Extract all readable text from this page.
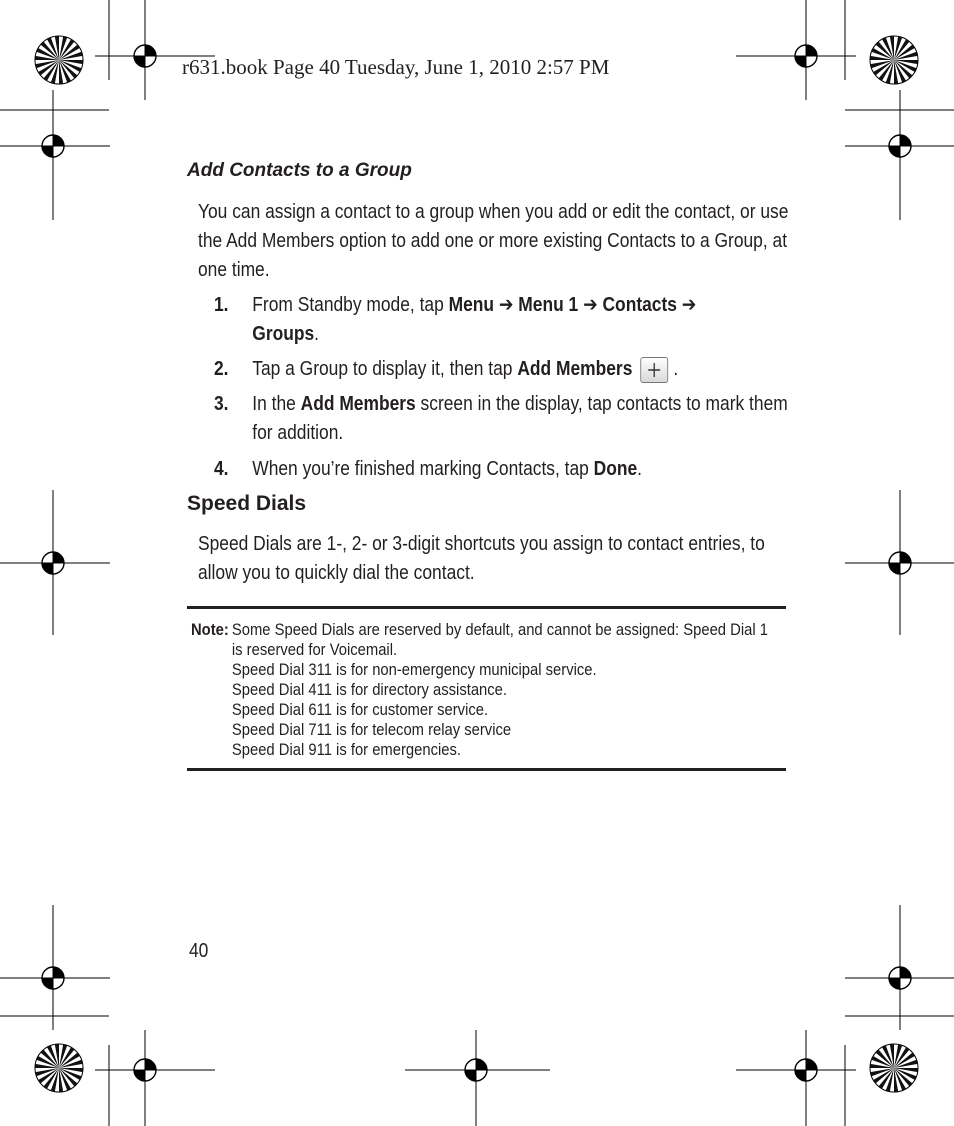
r631.book Page 40 Tuesday, June 1, 2010 2:57 PM
Add Contacts to a Group
You can assign a contact to a group when you add or edit the contact, or use the Add Members option to add one or more existing Contacts to a Group, at one time.
1. From Standby mode, tap Menu ➔ Menu 1 ➔ Contacts ➔
Groups.
2. Tap a Group to display it, then tap Add Members .
3. In the Add Members screen in the display, tap contacts to mark them for addition.
4. When you’re finished marking Contacts, tap Done.
Speed Dials
Speed Dials are 1-, 2- or 3-digit shortcuts you assign to contact entries, to allow you to quickly dial the contact.
Note: Some Speed Dials are reserved by default, and cannot be assigned: Speed Dial 1 is reserved for Voicemail.
Speed Dial 311 is for non-emergency municipal service.
Speed Dial 411 is for directory assistance.
Speed Dial 611 is for customer service.
Speed Dial 711 is for telecom relay service
Speed Dial 911 is for emergencies.
40
